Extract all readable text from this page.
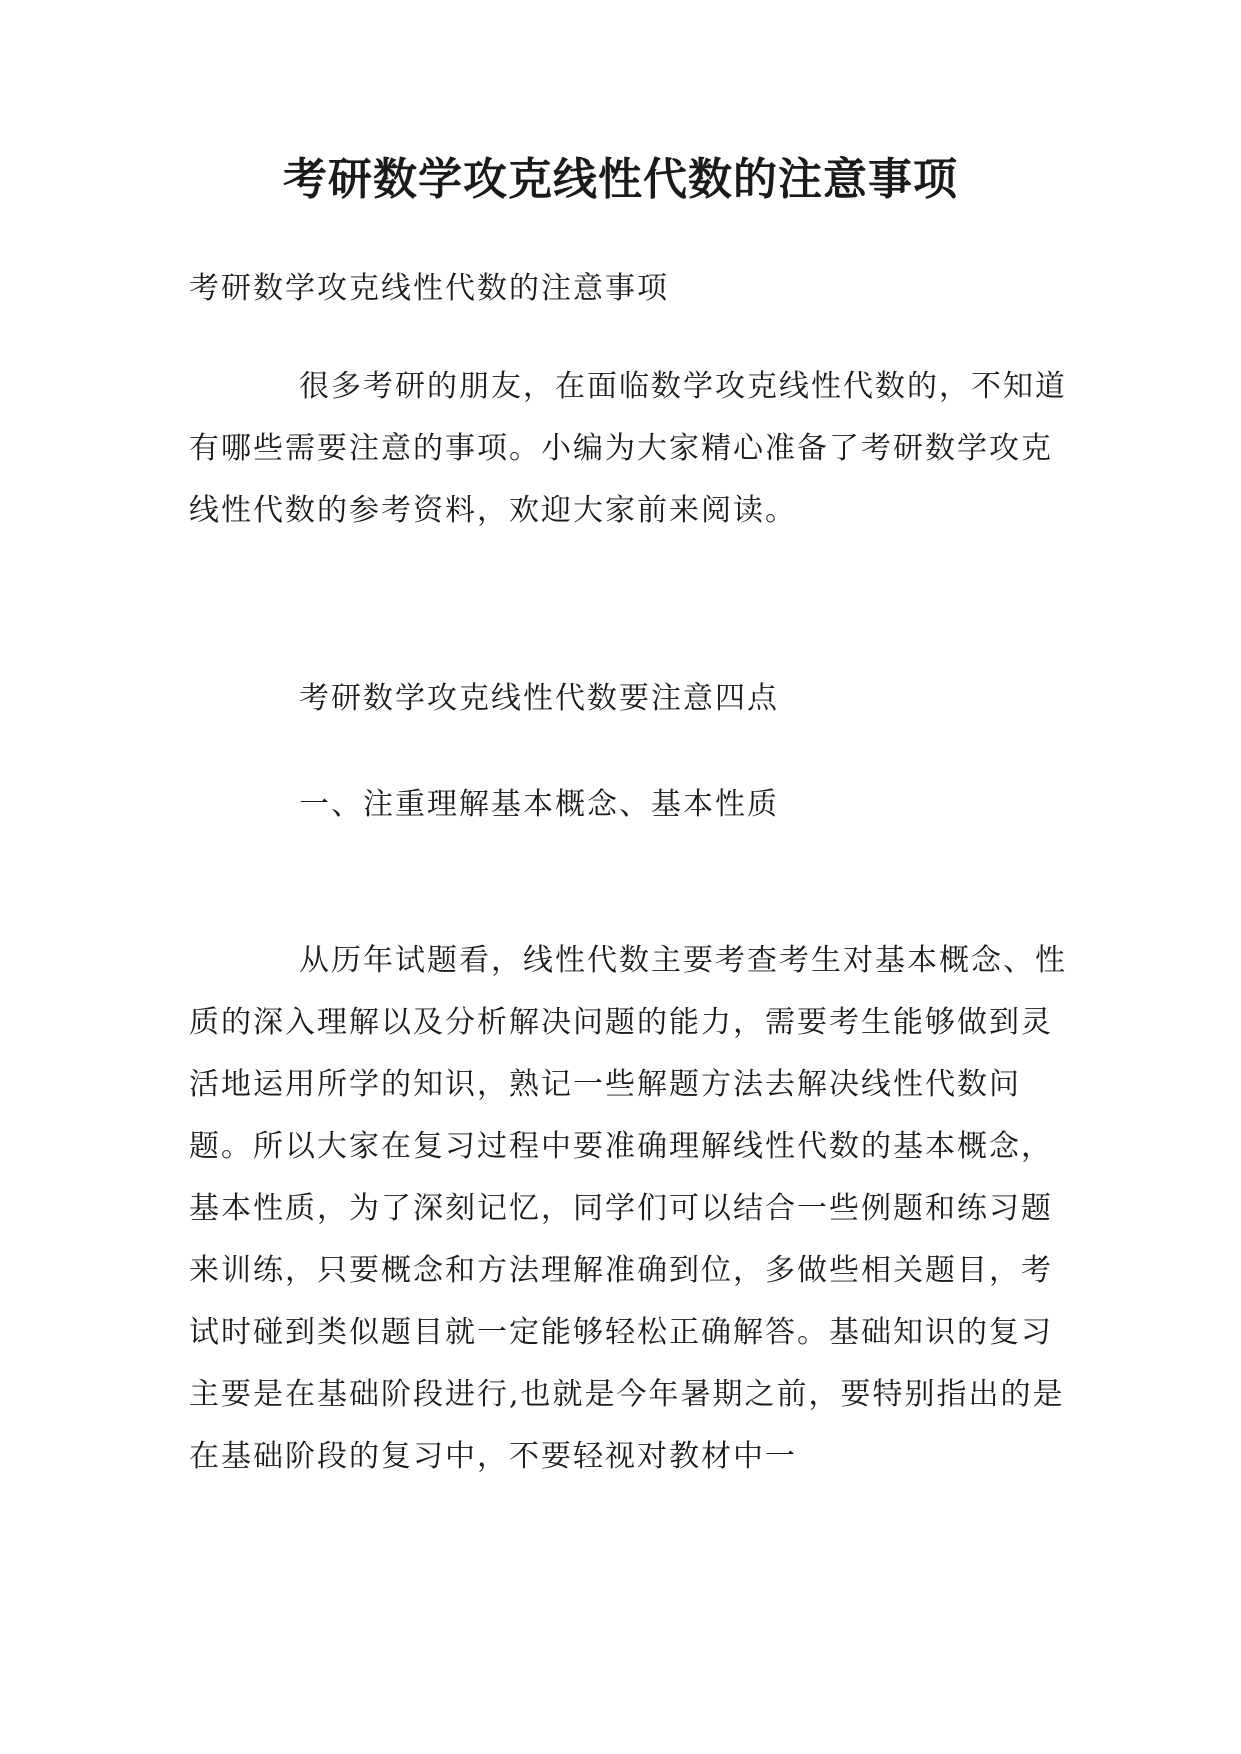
考研数学攻克线性代数的注意事项

考研数学攻克线性代数的注意事项

很多考研的朋友，在面临数学攻克线性代数的，不知道有哪些需要注意的事项。小编为大家精心准备了考研数学攻克线性代数的参考资料，欢迎大家前来阅读。

考研数学攻克线性代数要注意四点

一、注重理解基本概念、基本性质

从历年试题看，线性代数主要考查考生对基本概念、性质的深入理解以及分析解决问题的能力，需要考生能够做到灵活地运用所学的知识，熟记一些解题方法去解决线性代数问题。所以大家在复习过程中要准确理解线性代数的基本概念，基本性质，为了深刻记忆，同学们可以结合一些例题和练习题来训练，只要概念和方法理解准确到位，多做些相关题目，考试时碰到类似题目就一定能够轻松正确解答。基础知识的复习主要是在基础阶段进行,也就是今年暑期之前，要特别指出的是在基础阶段的复习中，不要轻视对教材中一
